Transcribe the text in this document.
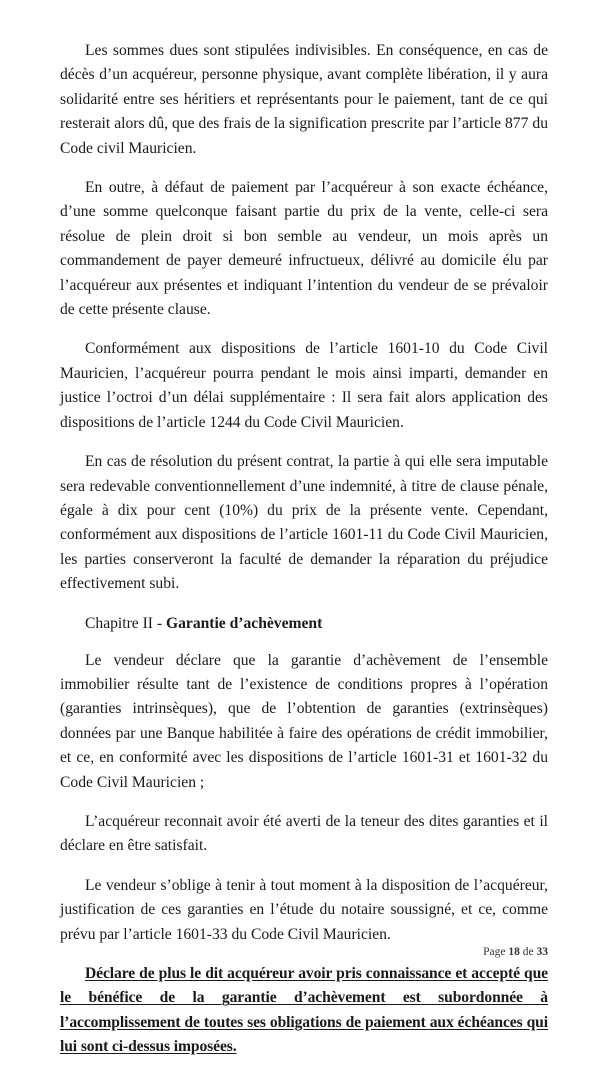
Les sommes dues sont stipulées indivisibles. En conséquence, en cas de décès d’un acquéreur, personne physique, avant complète libération, il y aura solidarité entre ses héritiers et représentants pour le paiement, tant de ce qui resterait alors dû, que des frais de la signification prescrite par l’article 877 du Code civil Mauricien.

En outre, à défaut de paiement par l’acquéreur à son exacte échéance, d’une somme quelconque faisant partie du prix de la vente, celle-ci sera résolue de plein droit si bon semble au vendeur, un mois après un commandement de payer demeuré infructueux, délivré au domicile élu par l’acquéreur aux présentes et indiquant l’intention du vendeur de se prévaloir de cette présente clause.

Conformément aux dispositions de l’article 1601-10 du Code Civil Mauricien, l’acquéreur pourra pendant le mois ainsi imparti, demander en justice l’octroi d’un délai supplémentaire : Il sera fait alors application des dispositions de l’article 1244 du Code Civil Mauricien.

En cas de résolution du présent contrat, la partie à qui elle sera imputable sera redevable conventionnellement d’une indemnité, à titre de clause pénale, égale à dix pour cent (10%) du prix de la présente vente. Cependant, conformément aux dispositions de l’article 1601-11 du Code Civil Mauricien, les parties conserveront la faculté de demander la réparation du préjudice effectivement subi.

Chapitre II - Garantie d’achèvement

Le vendeur déclare que la garantie d’achèvement de l’ensemble immobilier résulte tant de l’existence de conditions propres à l’opération (garanties intrinsèques), que de l’obtention de garanties (extrinsèques) données par une Banque habilitée à faire des opérations de crédit immobilier, et ce, en conformité avec les dispositions de l’article 1601-31 et 1601-32 du Code Civil Mauricien ;

L’acquéreur reconnait avoir été averti de la teneur des dites garanties et il déclare en être satisfait.

Le vendeur s’oblige à tenir à tout moment à la disposition de l’acquéreur, justification de ces garanties en l’étude du notaire soussigné, et ce, comme prévu par l’article 1601-33 du Code Civil Mauricien.

Déclare de plus le dit acquéreur avoir pris connaissance et accepté que le bénéfice de la garantie d’achèvement est subordonnée à l’accomplissement de toutes ses obligations de paiement aux échéances qui lui sont ci-dessus imposées.

Page 18 de 33
